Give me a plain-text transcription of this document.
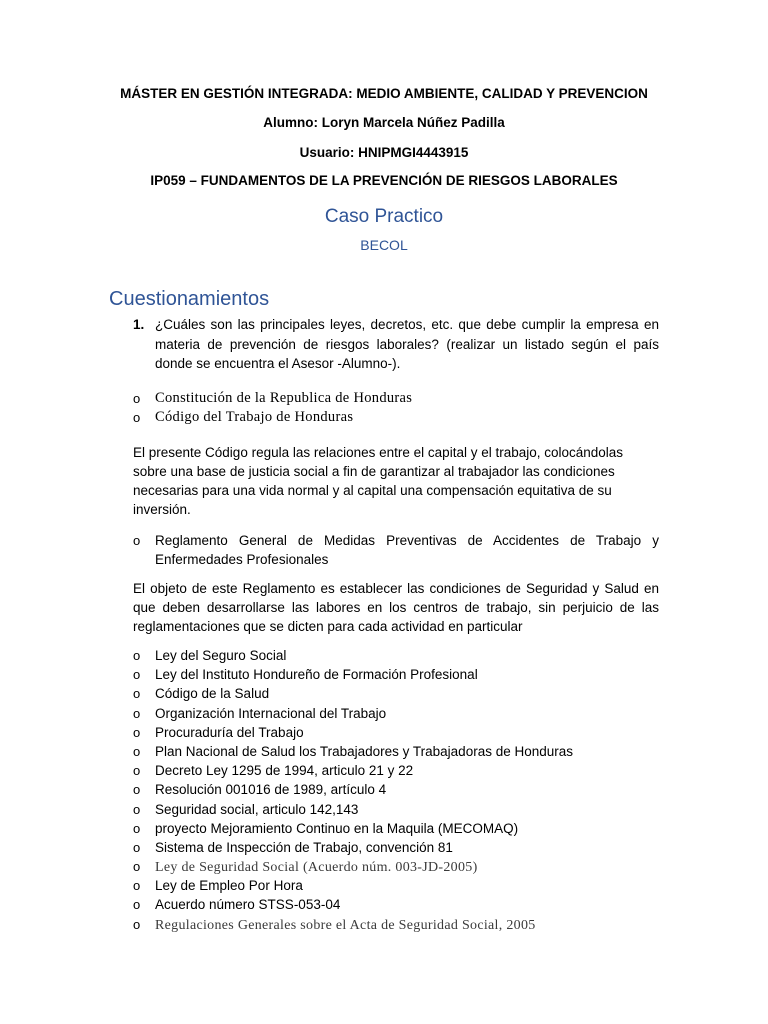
MÁSTER EN GESTIÓN INTEGRADA: MEDIO AMBIENTE, CALIDAD Y PREVENCION
Alumno: Loryn Marcela Núñez Padilla
Usuario: HNIPMGI4443915
IP059 – FUNDAMENTOS DE LA PREVENCIÓN DE RIESGOS LABORALES
Caso Practico
BECOL
Cuestionamientos
1. ¿Cuáles son las principales leyes, decretos, etc. que debe cumplir la empresa en materia de prevención de riesgos laborales? (realizar un listado según el país donde se encuentra el Asesor -Alumno-).
o Constitución de la Republica de Honduras
o Código del Trabajo de Honduras
El presente Código regula las relaciones entre el capital y el trabajo, colocándolas sobre una base de justicia social a fin de garantizar al trabajador las condiciones necesarias para una vida normal y al capital una compensación equitativa de su inversión.
o Reglamento General de Medidas Preventivas de Accidentes de Trabajo y Enfermedades Profesionales
El objeto de este Reglamento es establecer las condiciones de Seguridad y Salud en que deben desarrollarse las labores en los centros de trabajo, sin perjuicio de las reglamentaciones que se dicten para cada actividad en particular
o Ley del Seguro Social
o Ley del Instituto Hondureño de Formación Profesional
o Código de la Salud
o Organización Internacional del Trabajo
o Procuraduría del Trabajo
o Plan Nacional de Salud los Trabajadores y Trabajadoras de Honduras
o Decreto Ley 1295 de 1994, articulo 21 y 22
o Resolución 001016 de 1989, artículo 4
o Seguridad social, articulo 142,143
o proyecto Mejoramiento Continuo en la Maquila (MECOMAQ)
o Sistema de Inspección de Trabajo, convención 81
o Ley de Seguridad Social (Acuerdo núm. 003-JD-2005)
o Ley de Empleo Por Hora
o Acuerdo número STSS-053-04
o Regulaciones Generales sobre el Acta de Seguridad Social, 2005
